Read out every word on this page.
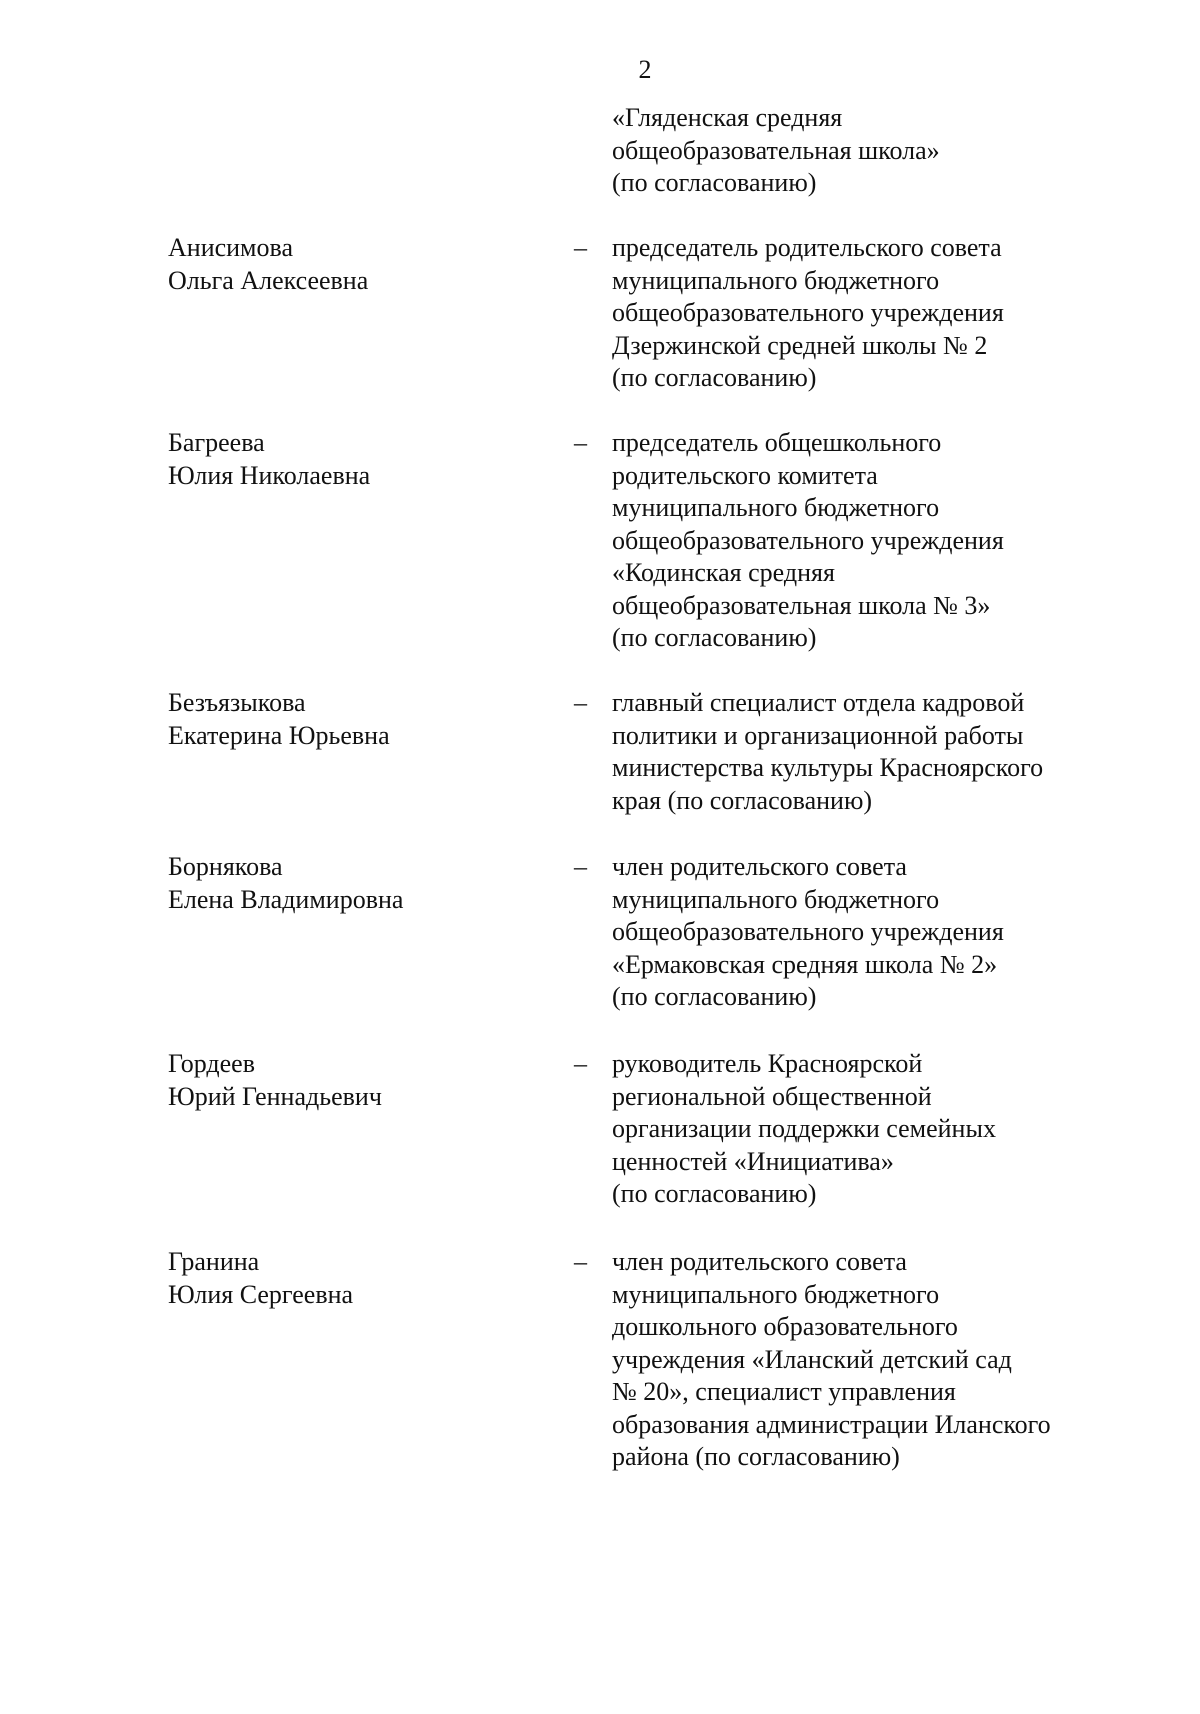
2
«Гляденская средняя
общеобразовательная школа»
(по согласованию)
Анисимова
Ольга Алексеевна
– председатель родительского совета
муниципального бюджетного
общеобразовательного учреждения
Дзержинской средней школы № 2
(по согласованию)
Багреева
Юлия Николаевна
– председатель общешкольного
родительского комитета
муниципального бюджетного
общеобразовательного учреждения
«Кодинская средняя
общеобразовательная школа № 3»
(по согласованию)
Безъязыкова
Екатерина Юрьевна
– главный специалист отдела кадровой
политики и организационной работы
министерства культуры Красноярского
края (по согласованию)
Борнякова
Елена Владимировна
– член родительского совета
муниципального бюджетного
общеобразовательного учреждения
«Ермаковская средняя школа № 2»
(по согласованию)
Гордеев
Юрий Геннадьевич
– руководитель Красноярской
региональной общественной
организации поддержки семейных
ценностей «Инициатива»
(по согласованию)
Гранина
Юлия Сергеевна
– член родительского совета
муниципального бюджетного
дошкольного образовательного
учреждения «Иланский детский сад
№ 20», специалист управления
образования администрации Иланского
района (по согласованию)
